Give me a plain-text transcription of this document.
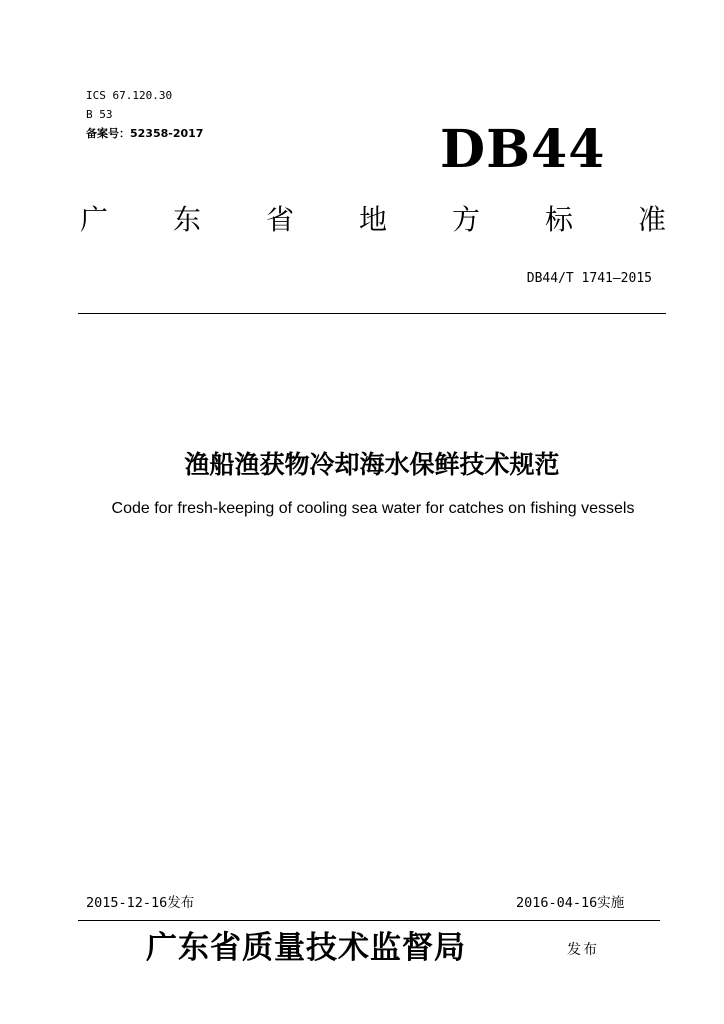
ICS 67.120.30
B 53
备案号：52358-2017	DB44
广 东 省 地 方 标 准
DB44/T 1741—2015
渔船渔获物冷却海水保鲜技术规范
Code for fresh-keeping of cooling sea water for catches on fishing vessels
2015-12-16发布	2016-04-16实施
广东省质量技术监督局	发布
